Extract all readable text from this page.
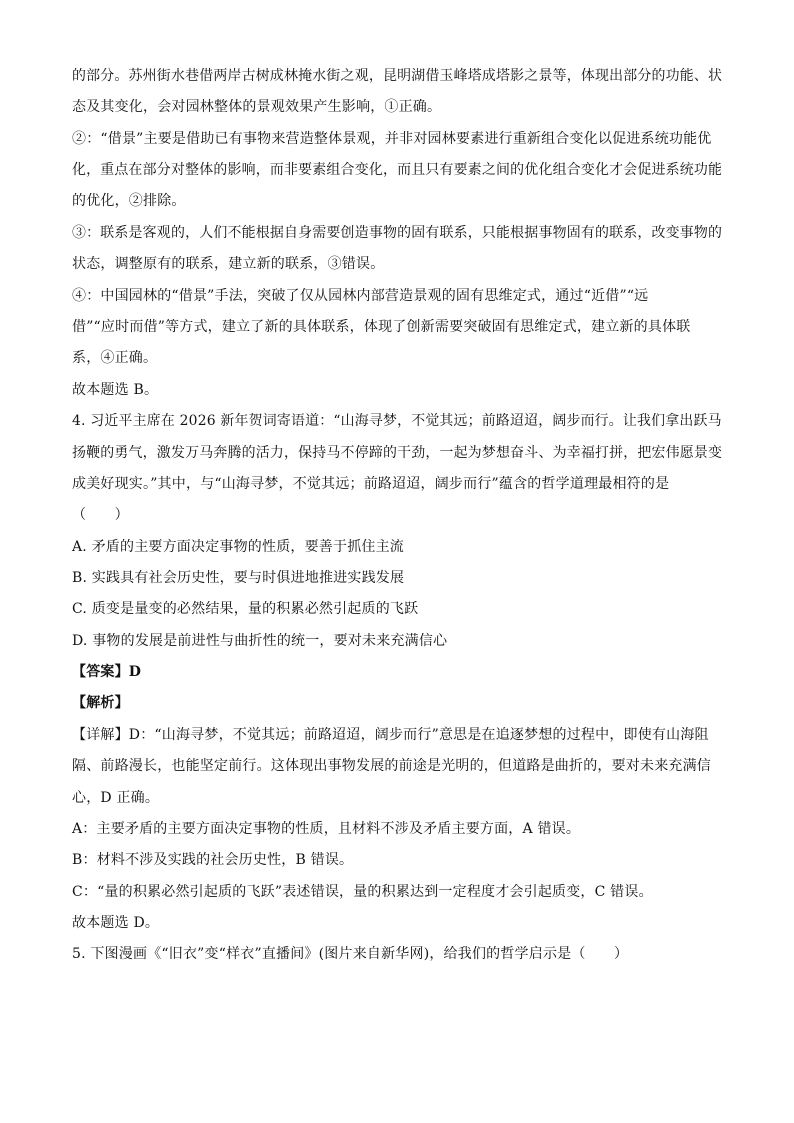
的部分。苏州街水巷借两岸古树成林掩水街之观，昆明湖借玉峰塔成塔影之景等，体现出部分的功能、状
态及其变化，会对园林整体的景观效果产生影响，①正确。
②：“借景”主要是借助已有事物来营造整体景观，并非对园林要素进行重新组合变化以促进系统功能优
化，重点在部分对整体的影响，而非要素组合变化，而且只有要素之间的优化组合变化才会促进系统功能
的优化，②排除。
③：联系是客观的，人们不能根据自身需要创造事物的固有联系，只能根据事物固有的联系，改变事物的
状态，调整原有的联系，建立新的联系，③错误。
④：中国园林的“借景”手法，突破了仅从园林内部营造景观的固有思维定式，通过“近借”“远
借”“应时而借”等方式，建立了新的具体联系，体现了创新需要突破固有思维定式，建立新的具体联
系，④正确。
故本题选 B。
4. 习近平主席在 2026 新年贺词寄语道：“山海寻梦，不觉其远；前路迢迢，阔步而行。让我们拿出跃马
扬鞭的勇气，激发万马奔腾的活力，保持马不停蹄的干劲，一起为梦想奋斗、为幸福打拼，把宏伟愿景变
成美好现实。”其中，与“山海寻梦，不觉其远；前路迢迢，阔步而行”蕴含的哲学道理最相符的是
（　　）
A. 矛盾的主要方面决定事物的性质，要善于抓住主流
B. 实践具有社会历史性，要与时俱进地推进实践发展
C. 质变是量变的必然结果，量的积累必然引起质的飞跃
D. 事物的发展是前进性与曲折性的统一，要对未来充满信心
【答案】D
【解析】
【详解】D：“山海寻梦，不觉其远；前路迢迢，阔步而行”意思是在追逐梦想的过程中，即使有山海阻
隔、前路漫长，也能坚定前行。这体现出事物发展的前途是光明的，但道路是曲折的，要对未来充满信
心，D 正确。
A：主要矛盾的主要方面决定事物的性质，且材料不涉及矛盾主要方面，A 错误。
B：材料不涉及实践的社会历史性，B 错误。
C：“量的积累必然引起质的飞跃”表述错误，量的积累达到一定程度才会引起质变，C 错误。
故本题选 D。
5. 下图漫画《“旧衣”变“样衣”直播间》(图片来自新华网)，给我们的哲学启示是（　　）
